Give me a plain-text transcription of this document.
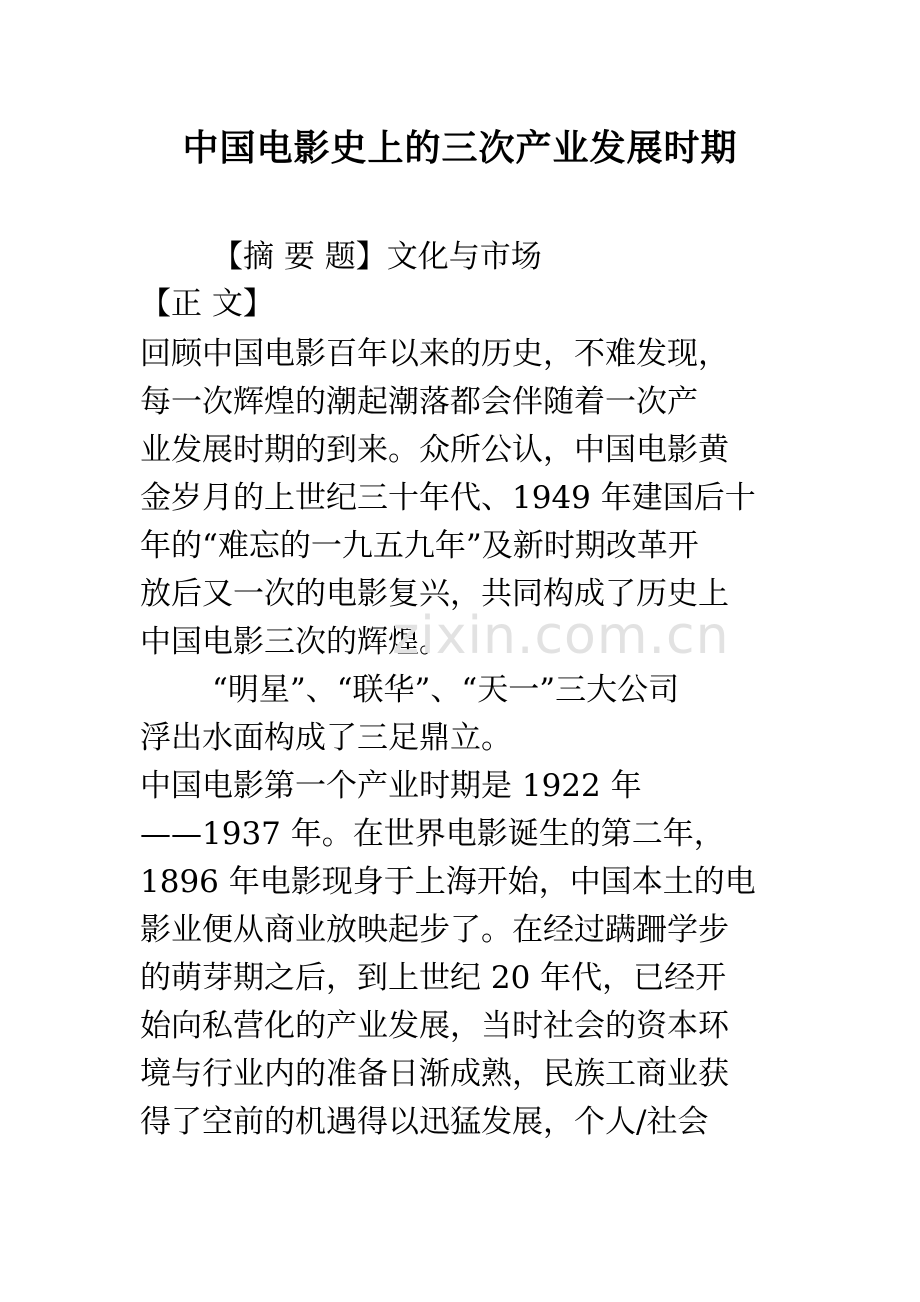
中国电影史上的三次产业发展时期
【摘 要 题】文化与市场
【正 文】
回顾中国电影百年以来的历史，不难发现，
每一次辉煌的潮起潮落都会伴随着一次产
业发展时期的到来。众所公认，中国电影黄
金岁月的上世纪三十年代、1949 年建国后十
年的“难忘的一九五九年”及新时期改革开
放后又一次的电影复兴，共同构成了历史上
中国电影三次的辉煌。
“明星”、“联华”、“天一”三大公司
浮出水面构成了三足鼎立。
中国电影第一个产业时期是 1922 年
——1937 年。在世界电影诞生的第二年，
1896 年电影现身于上海开始，中国本土的电
影业便从商业放映起步了。在经过蹒跚学步
的萌芽期之后，到上世纪 20 年代，已经开
始向私营化的产业发展，当时社会的资本环
境与行业内的准备日渐成熟，民族工商业获
得了空前的机遇得以迅猛发展，个人/社会
zixin.com.cn
